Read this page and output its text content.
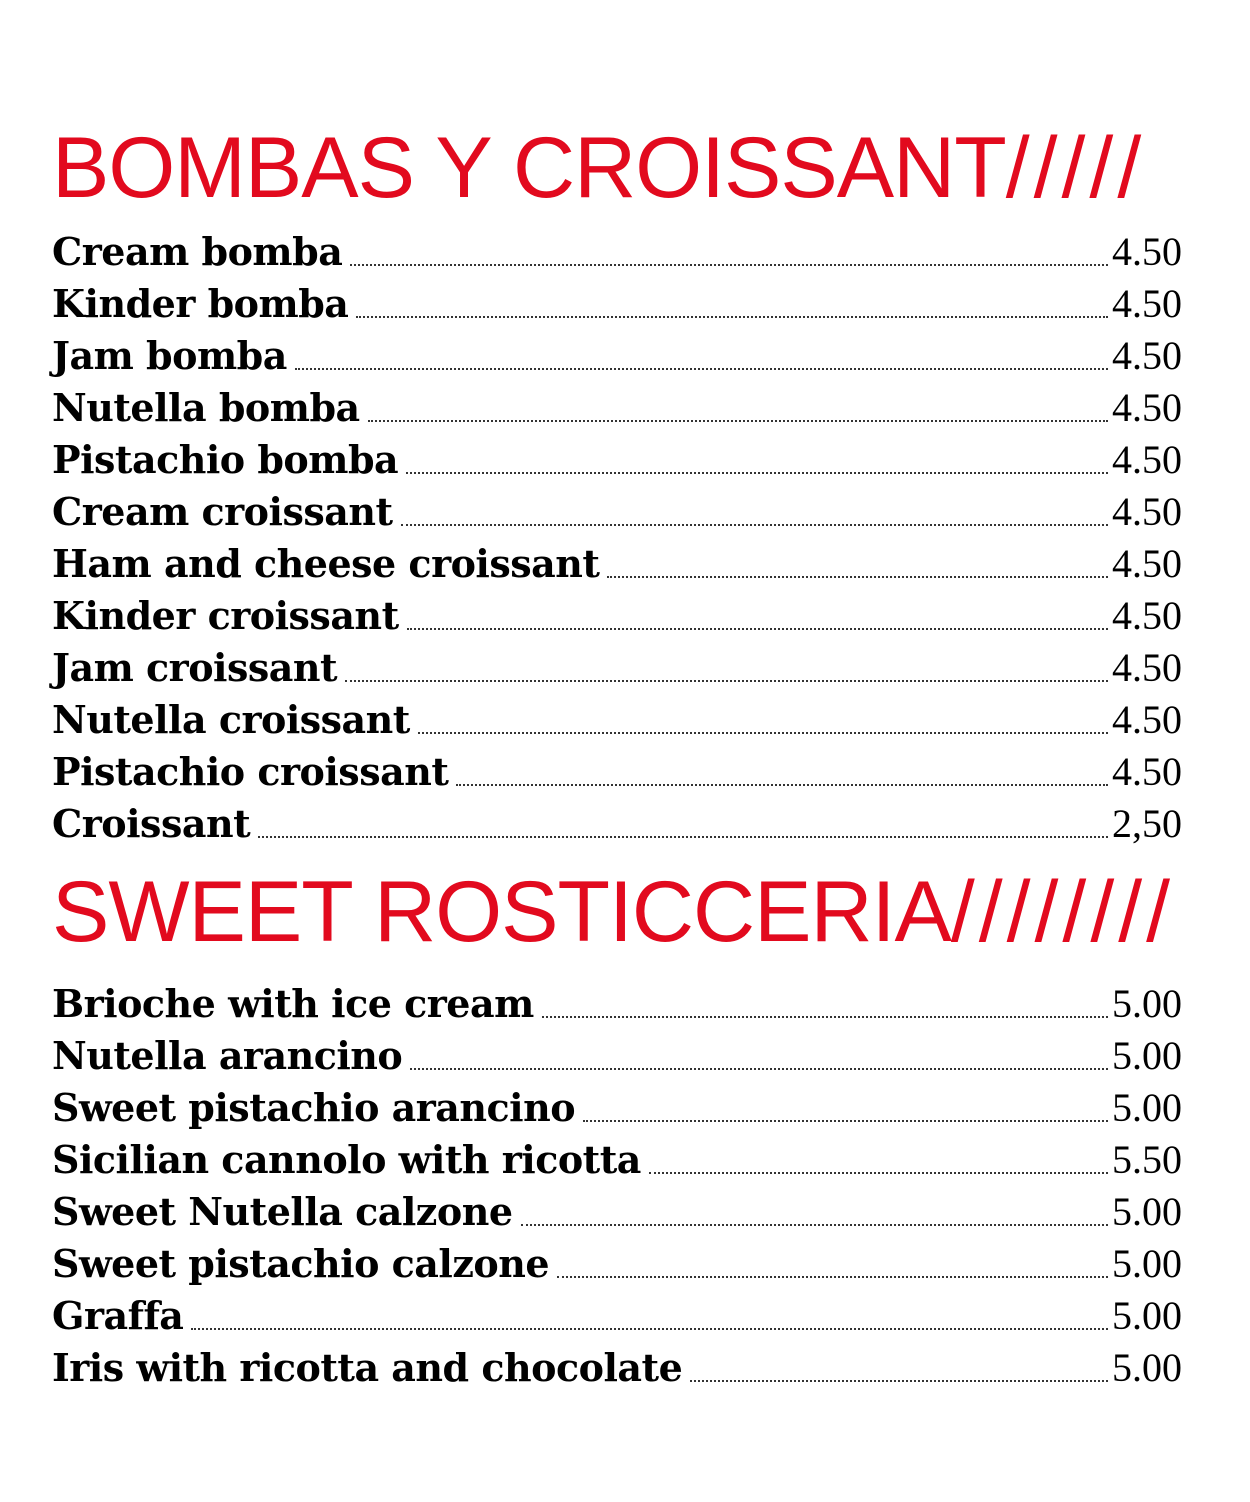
BOMBAS Y CROISSANT/////
Cream bomba	4.50
Kinder bomba	4.50
Jam bomba	4.50
Nutella bomba	4.50
Pistachio bomba	4.50
Cream croissant	4.50
Ham and cheese croissant	4.50
Kinder croissant	4.50
Jam croissant	4.50
Nutella croissant	4.50
Pistachio croissant	4.50
Croissant	2,50
SWEET ROSTICCERIA////////
Brioche with ice cream	5.00
Nutella arancino	5.00
Sweet pistachio arancino	5.00
Sicilian cannolo with ricotta	5.50
Sweet Nutella calzone	5.00
Sweet pistachio calzone	5.00
Graffa	5.00
Iris with ricotta and chocolate	5.00
